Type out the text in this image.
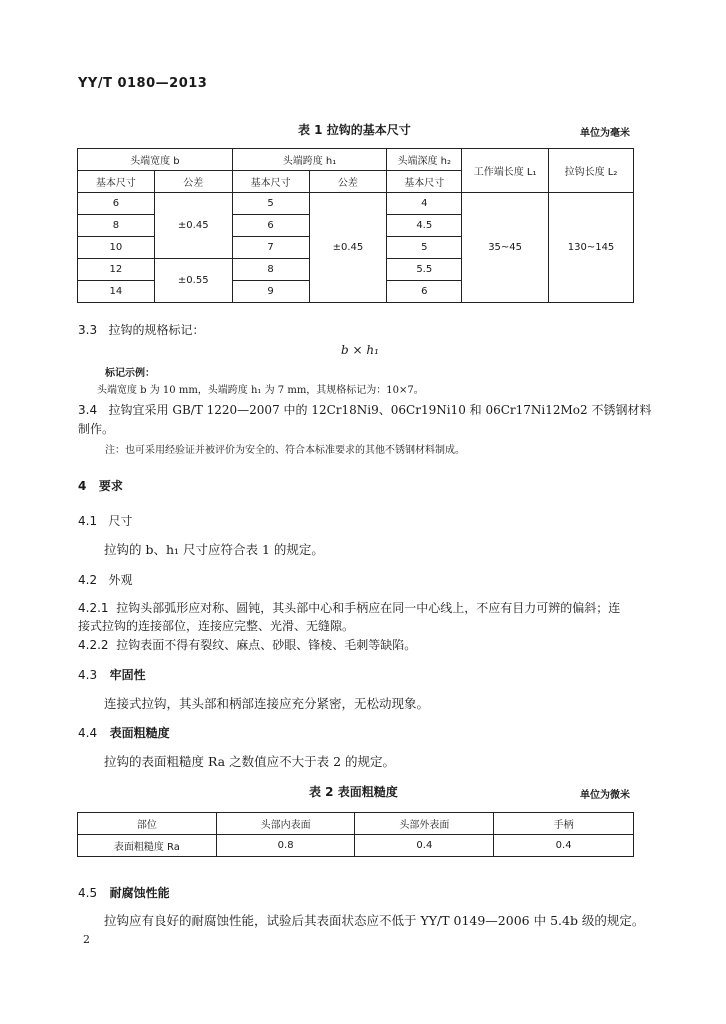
YY/T 0180—2013
表 1 拉钩的基本尺寸	单位为毫米
头端宽度 b		头端跨度 h₁		头端深度 h₂	工作端长度 L₁	拉钩长度 L₂
基本尺寸	公差	基本尺寸	公差	基本尺寸		
6	±0.45	5	±0.45	4	35~45	130~145
8		6		4.5		
10		7		5		
12	±0.55	8		5.5		
14		9		6		
3.3 拉钩的规格标记：
b × h₁
标记示例：
头端宽度 b 为 10 mm，头端跨度 h₁ 为 7 mm，其规格标记为：10×7。
3.4 拉钩宜采用 GB/T 1220—2007 中的 12Cr18Ni9、06Cr19Ni10 和 06Cr17Ni12Mo2 不锈钢材料
制作。
注：也可采用经验证并被评价为安全的、符合本标准要求的其他不锈钢材料制成。
4 要求
4.1 尺寸
拉钩的 b、h₁ 尺寸应符合表 1 的规定。
4.2 外观
4.2.1 拉钩头部弧形应对称、圆钝，其头部中心和手柄应在同一中心线上，不应有目力可辨的偏斜；连
接式拉钩的连接部位，连接应完整、光滑、无缝隙。
4.2.2 拉钩表面不得有裂纹、麻点、砂眼、锋棱、毛刺等缺陷。
4.3 牢固性
连接式拉钩，其头部和柄部连接应充分紧密，无松动现象。
4.4 表面粗糙度
拉钩的表面粗糙度 Ra 之数值应不大于表 2 的规定。
表 2 表面粗糙度	单位为微米
部位	头部内表面	头部外表面	手柄
表面粗糙度 Ra	0.8	0.4	0.4
4.5 耐腐蚀性能
拉钩应有良好的耐腐蚀性能，试验后其表面状态应不低于 YY/T 0149—2006 中 5.4b 级的规定。
2
